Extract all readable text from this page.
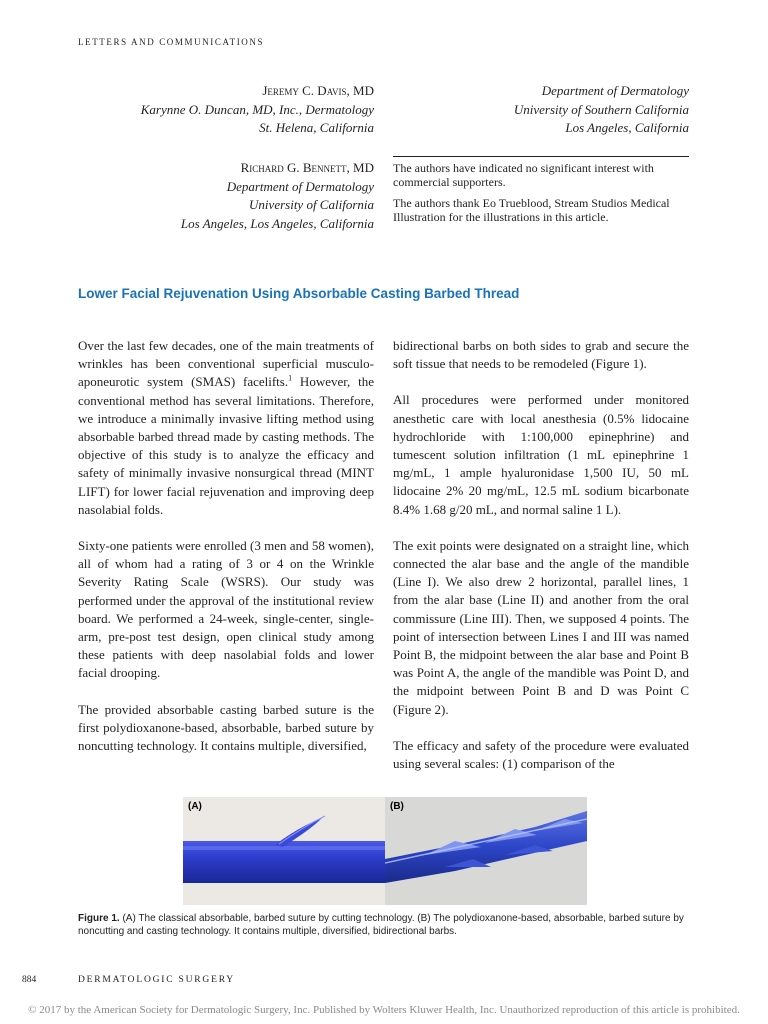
LETTERS AND COMMUNICATIONS
Jeremy C. Davis, MD
Karynne O. Duncan, MD, Inc., Dermatology
St. Helena, California
Department of Dermatology
University of Southern California
Los Angeles, California
Richard G. Bennett, MD
Department of Dermatology
University of California
Los Angeles, Los Angeles, California

The authors have indicated no significant interest with commercial supporters.

The authors thank Eo Trueblood, Stream Studios Medical Illustration for the illustrations in this article.

Lower Facial Rejuvenation Using Absorbable Casting Barbed Thread

Over the last few decades, one of the main treatments of wrinkles has been conventional superficial musculo-aponeurotic system (SMAS) facelifts.$^1$ However, the conventional method has several limitations. Therefore, we introduce a minimally invasive lifting method using absorbable barbed thread made by casting methods. The objective of this study is to analyze the efficacy and safety of minimally invasive nonsurgical thread (MINT LIFT) for lower facial rejuvenation and improving deep nasolabial folds.

Sixty-one patients were enrolled (3 men and 58 women), all of whom had a rating of 3 or 4 on the Wrinkle Severity Rating Scale (WSRS). Our study was performed under the approval of the institutional review board. We performed a 24-week, single-center, single-arm, pre-post test design, open clinical study among these patients with deep nasolabial folds and lower facial drooping.

The provided absorbable casting barbed suture is the first polydioxanone-based, absorbable, barbed suture by noncutting technology. It contains multiple, diversified,

bidirectional barbs on both sides to grab and secure the soft tissue that needs to be remodeled (Figure 1).

All procedures were performed under monitored anesthetic care with local anesthesia (0.5% lidocaine hydrochloride with 1:100,000 epinephrine) and tumescent solution infiltration (1 mL epinephrine 1 mg/mL, 1 ample hyaluronidase 1,500 IU, 50 mL lidocaine 2% 20 mg/mL, 12.5 mL sodium bicarbonate 8.4% 1.68 g/20 mL, and normal saline 1 L).

The exit points were designated on a straight line, which connected the alar base and the angle of the mandible (Line I). We also drew 2 horizontal, parallel lines, 1 from the alar base (Line II) and another from the oral commissure (Line III). Then, we supposed 4 points. The point of intersection between Lines I and III was named Point B, the midpoint between the alar base and Point B was Point A, the angle of the mandible was Point D, and the midpoint between Point B and D was Point C (Figure 2).

The efficacy and safety of the procedure were evaluated using several scales: (1) comparison of the

(A)	(B)
Figure 1. (A) The classical absorbable, barbed suture by cutting technology. (B) The polydioxanone-based, absorbable, barbed suture by noncutting and casting technology. It contains multiple, diversified, bidirectional barbs.
884	DERMATOLOGIC SURGERY
© 2017 by the American Society for Dermatologic Surgery, Inc. Published by Wolters Kluwer Health, Inc. Unauthorized reproduction of this article is prohibited.
